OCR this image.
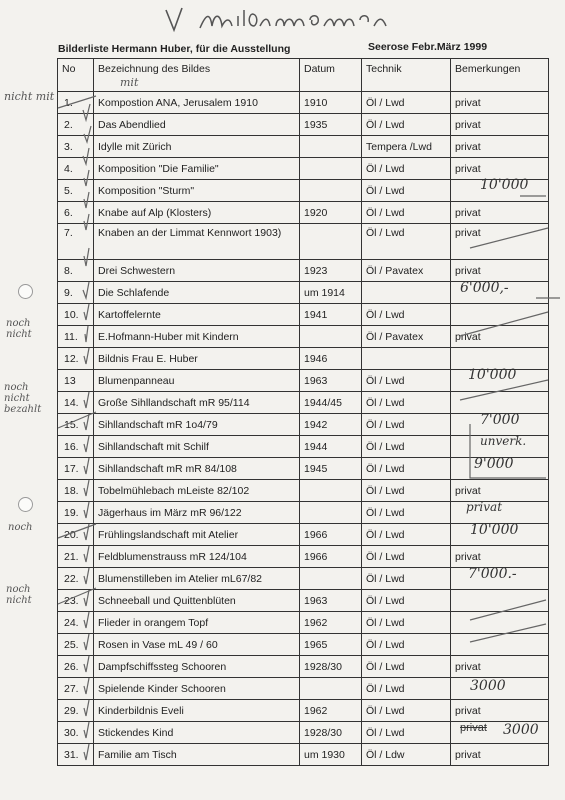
Bilderliste Hermann Huber, für die Ausstellung	Seerose Febr.März 1999
No	Bezeichnung des Bildes	Datum	Technik	Bemerkungen
1.	Kompostion ANA, Jerusalem 1910	1910	Öl / Lwd	privat
2.	Das Abendlied	1935	Öl / Lwd	privat
3.	Idylle mit Zürich		Tempera /Lwd	privat
4.	Komposition "Die Familie"		Öl / Lwd	privat
5.	Komposition "Sturm"		Öl / Lwd	
6.	Knabe auf Alp (Klosters)	1920	Öl / Lwd	privat
7.	Knaben an der Limmat Kennwort 1903)		Öl / Lwd	privat
8.	Drei Schwestern	1923	Öl / Pavatex	privat
9.	Die Schlafende	um 1914		
10.	Kartoffelernte	1941	Öl / Lwd	
11.	E.Hofmann-Huber mit Kindern		Öl / Pavatex	privat
12.	Bildnis Frau E. Huber	1946		
13	Blumenpanneau	1963	Öl / Lwd	
14.	Große Sihllandschaft mR 95/114	1944/45	Öl / Lwd	
15.	Sihllandschaft mR 1o4/79	1942	Öl / Lwd	
16.	Sihllandschaft mit Schilf	1944	Öl / Lwd	
17.	Sihllandschaft mR mR 84/108	1945	Öl / Lwd	
18.	Tobelmühlebach mLeiste 82/102		Öl / Lwd	privat
19.	Jägerhaus im März mR 96/122		Öl / Lwd	
20.	Frühlingslandschaft mit Atelier	1966	Öl / Lwd	
21.	Feldblumenstrauss mR 124/104	1966	Öl / Lwd	privat
22.	Blumenstilleben im Atelier mL67/82		Öl / Lwd	
23.	Schneeball und Quittenblüten	1963	Öl / Lwd	
24.	Flieder in orangem Topf	1962	Öl / Lwd	
25.	Rosen in Vase mL 49 / 60	1965	Öl / Lwd	
26.	Dampfschiffssteg Schooren	1928/30	Öl / Lwd	privat
27.	Spielende Kinder Schooren		Öl / Lwd	
29.	Kinderbildnis Eveli	1962	Öl / Lwd	privat
30.	Stickendes Kind	1928/30	Öl / Lwd	
31.	Familie am Tisch	um 1930	Öl / Ldw	privat
mit
nicht mit
noch nicht
noch nicht bezahlt
noch
noch nicht
10'000
6'000,-
10'000
7'000
unverk.
9'000
privat
10'000
7'000.-
3000
privat 3000
